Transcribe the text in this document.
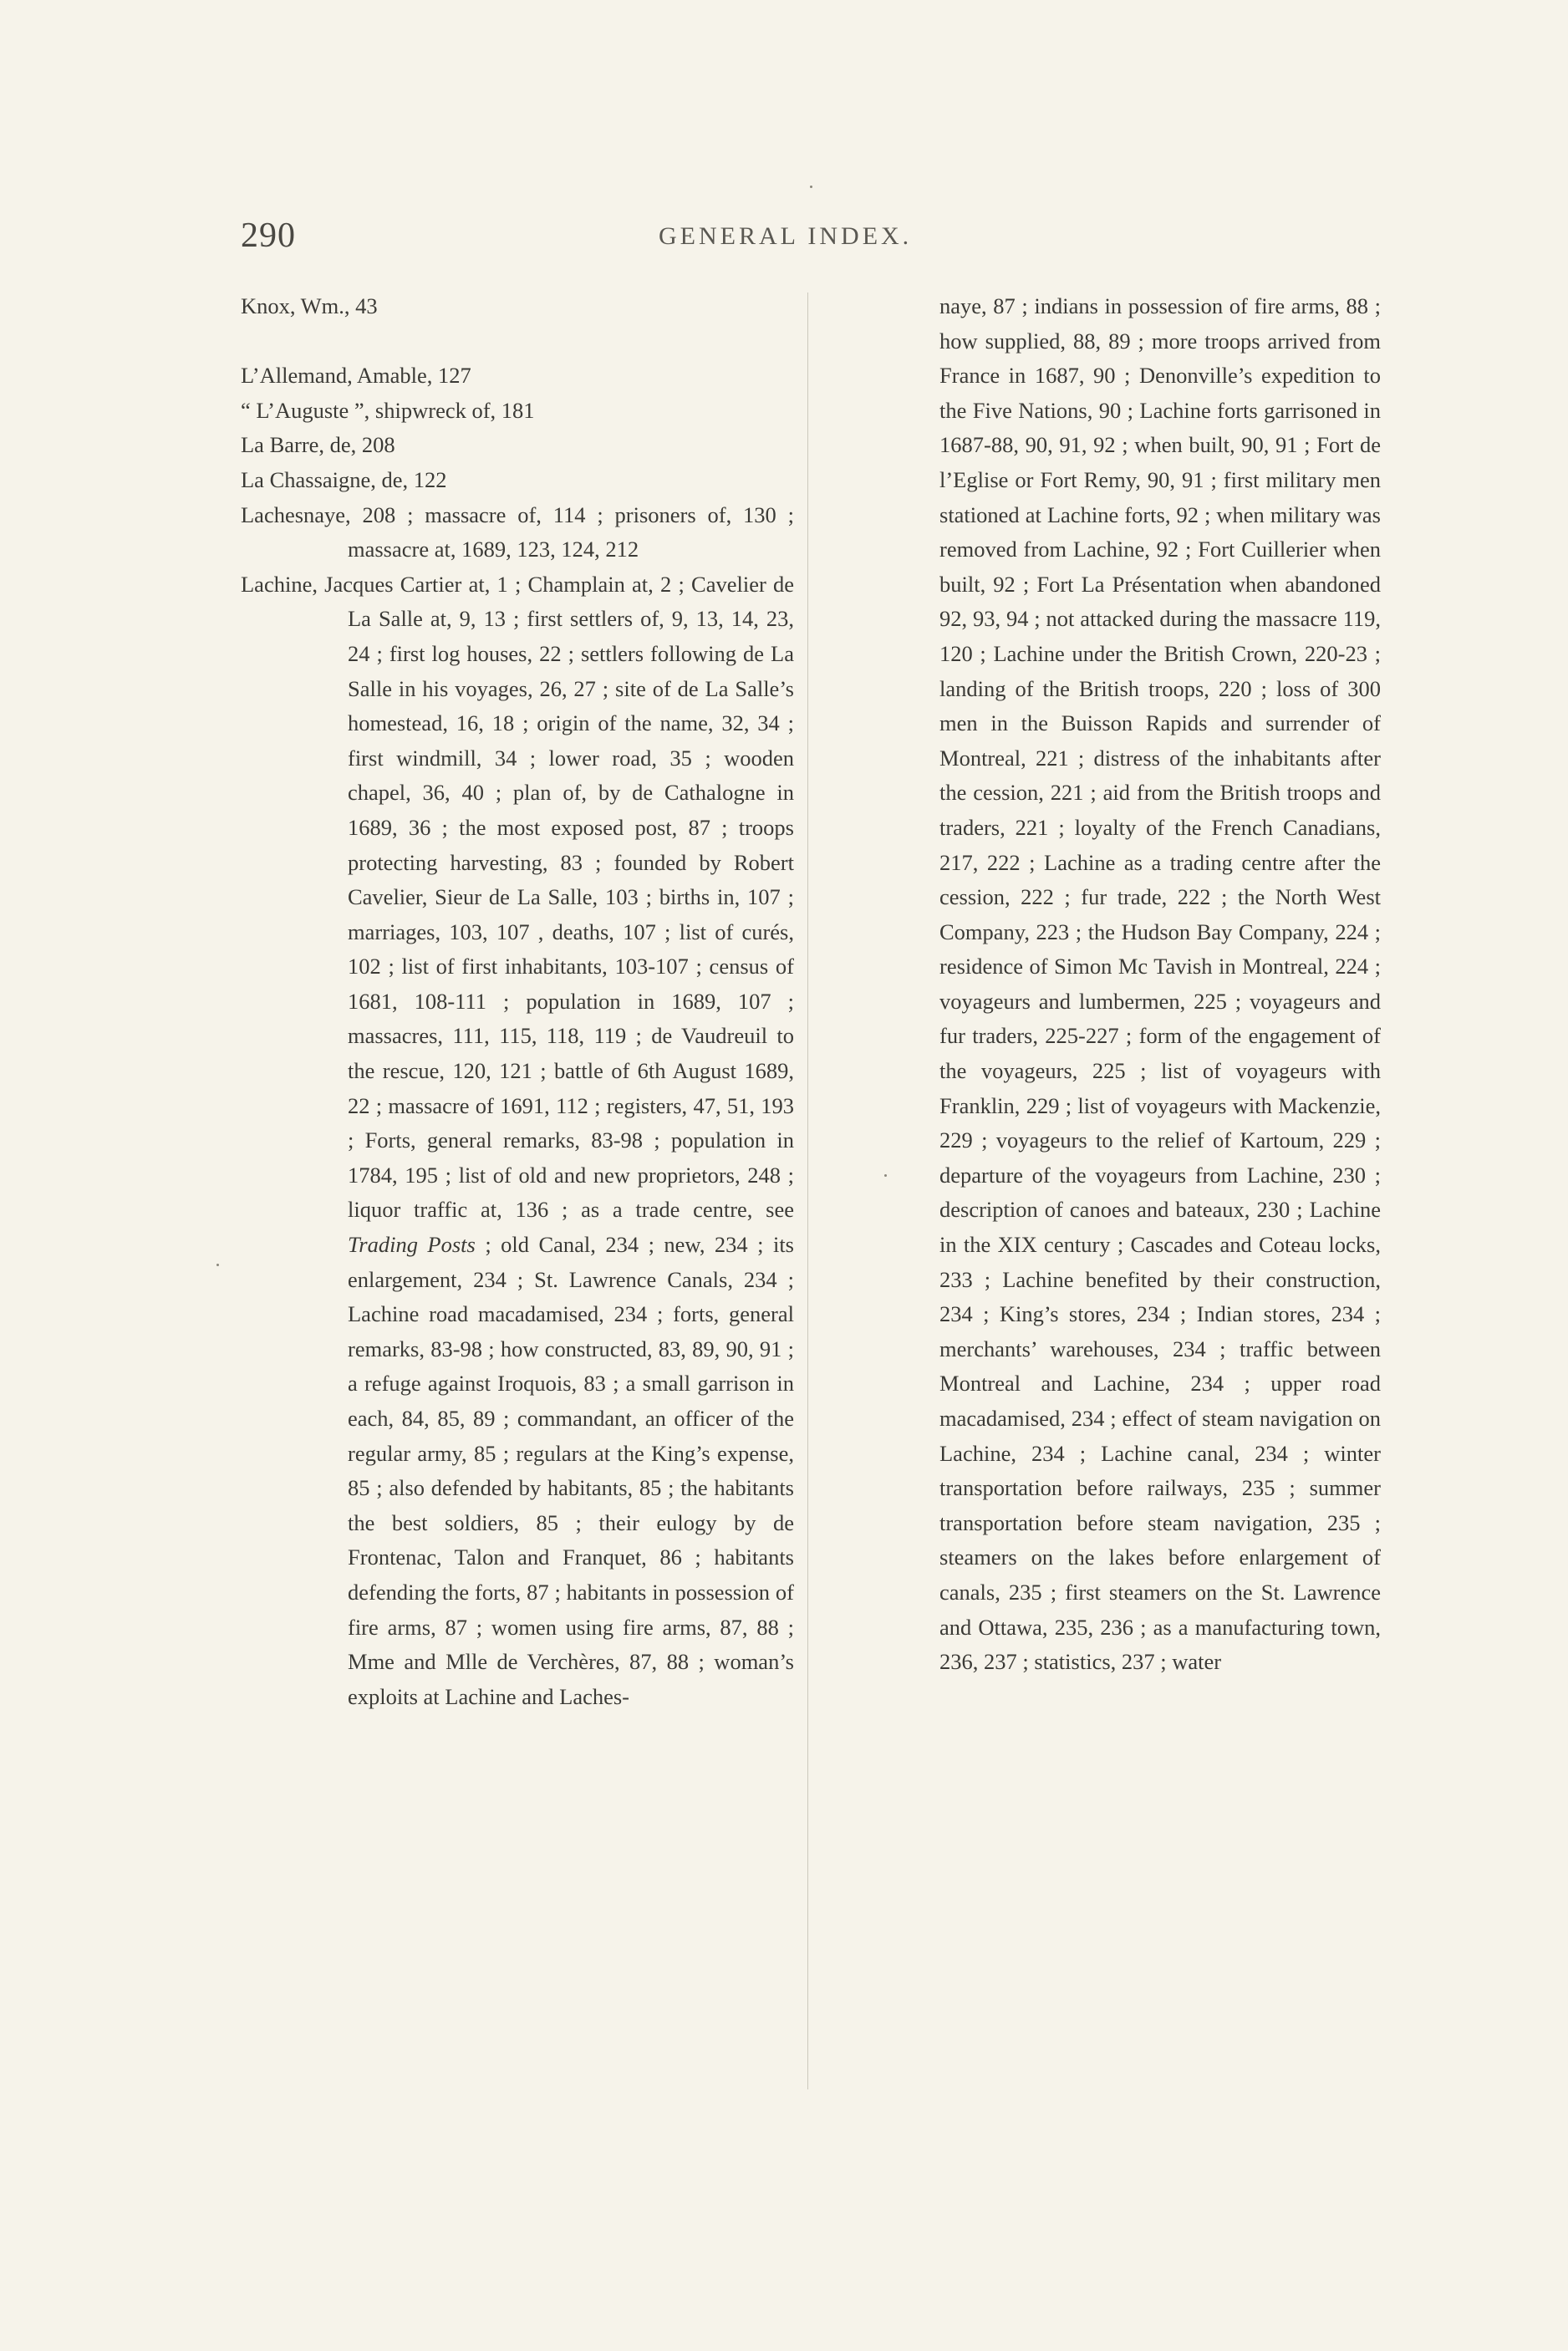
290	GENERAL INDEX.

Knox, Wm., 43

L’Allemand, Amable, 127

“ L’Auguste ”, shipwreck of, 181

La Barre, de, 208

La Chassaigne, de, 122

Lachesnaye, 208 ; massacre of, 114 ; prisoners of, 130 ; massacre at, 1689, 123, 124, 212

Lachine, Jacques Cartier at, 1 ; Champlain at, 2 ; Cavelier de La Salle at, 9, 13 ; first settlers of, 9, 13, 14, 23, 24 ; first log houses, 22 ; settlers following de La Salle in his voyages, 26, 27 ; site of de La Salle’s homestead, 16, 18 ; origin of the name, 32, 34 ; first windmill, 34 ; lower road, 35 ; wooden chapel, 36, 40 ; plan of, by de Cathalogne in 1689, 36 ; the most exposed post, 87 ; troops protecting harvesting, 83 ; founded by Robert Cavelier, Sieur de La Salle, 103 ; births in, 107 ; marriages, 103, 107 , deaths, 107 ; list of curés, 102 ; list of first inhabitants, 103-107 ; census of 1681, 108-111 ; population in 1689, 107 ; massacres, 111, 115, 118, 119 ; de Vaudreuil to the rescue, 120, 121 ; battle of 6th August 1689, 22 ; massacre of 1691, 112 ; registers, 47, 51, 193 ; Forts, general remarks, 83-98 ; population in 1784, 195 ; list of old and new proprietors, 248 ; liquor traffic at, 136 ; as a trade centre, see Trading Posts ; old Canal, 234 ; new, 234 ; its enlargement, 234 ; St. Lawrence Canals, 234 ; Lachine road macadamised, 234 ; forts, general remarks, 83-98 ; how constructed, 83, 89, 90, 91 ; a refuge against Iroquois, 83 ; a small garrison in each, 84, 85, 89 ; commandant, an officer of the regular army, 85 ; regulars at the King’s expense, 85 ; also defended by habitants, 85 ; the habitants the best soldiers, 85 ; their eulogy by de Frontenac, Talon and Franquet, 86 ; habitants defending the forts, 87 ; habitants in possession of fire arms, 87 ; women using fire arms, 87, 88 ; Mme and Mlle de Verchères, 87, 88 ; woman’s exploits at Lachine and Laches-

naye, 87 ; indians in possession of fire arms, 88 ; how supplied, 88, 89 ; more troops arrived from France in 1687, 90 ; Denonville’s expedition to the Five Nations, 90 ; Lachine forts garrisoned in 1687-88, 90, 91, 92 ; when built, 90, 91 ; Fort de l’Eglise or Fort Remy, 90, 91 ; first military men stationed at Lachine forts, 92 ; when military was removed from Lachine, 92 ; Fort Cuillerier when built, 92 ; Fort La Présentation when abandoned 92, 93, 94 ; not attacked during the massacre 119, 120 ; Lachine under the British Crown, 220-23 ; landing of the British troops, 220 ; loss of 300 men in the Buisson Rapids and surrender of Montreal, 221 ; distress of the inhabitants after the cession, 221 ; aid from the British troops and traders, 221 ; loyalty of the French Canadians, 217, 222 ; Lachine as a trading centre after the cession, 222 ; fur trade, 222 ; the North West Company, 223 ; the Hudson Bay Company, 224 ; residence of Simon Mc Tavish in Montreal, 224 ; voyageurs and lumbermen, 225 ; voyageurs and fur traders, 225-227 ; form of the engagement of the voyageurs, 225 ; list of voyageurs with Franklin, 229 ; list of voyageurs with Mackenzie, 229 ; voyageurs to the relief of Kartoum, 229 ; departure of the voyageurs from Lachine, 230 ; description of canoes and bateaux, 230 ; Lachine in the XIX century ; Cascades and Coteau locks, 233 ; Lachine benefited by their construction, 234 ; King’s stores, 234 ; Indian stores, 234 ; merchants’ warehouses, 234 ; traffic between Montreal and Lachine, 234 ; upper road macadamised, 234 ; effect of steam navigation on Lachine, 234 ; Lachine canal, 234 ; winter transportation before railways, 235 ; summer transportation before steam navigation, 235 ; steamers on the lakes before enlargement of canals, 235 ; first steamers on the St. Lawrence and Ottawa, 235, 236 ; as a manufacturing town, 236, 237 ; statistics, 237 ; water
